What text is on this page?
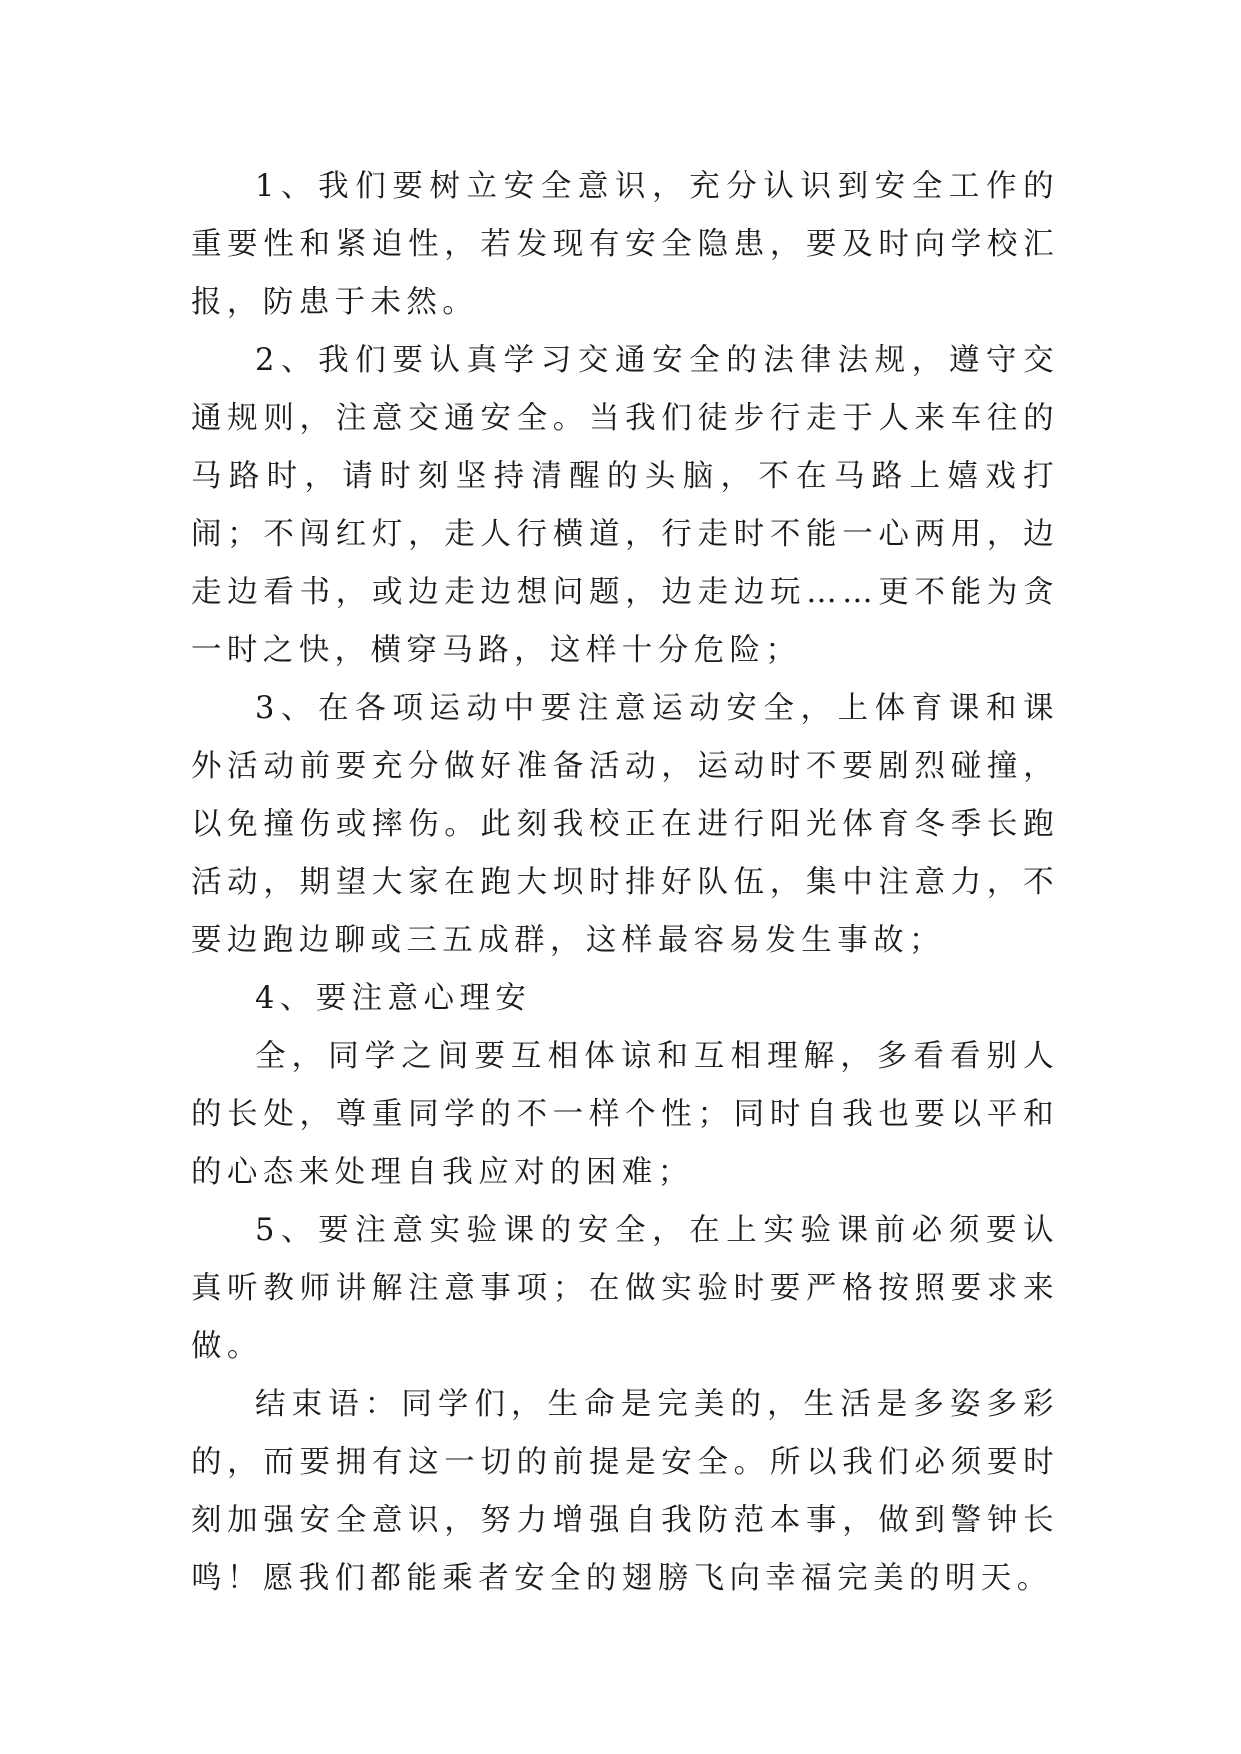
1、我们要树立安全意识，充分认识到安全工作的重要性和紧迫性，若发现有安全隐患，要及时向学校汇报，防患于未然。

2、我们要认真学习交通安全的法律法规，遵守交通规则，注意交通安全。当我们徒步行走于人来车往的马路时，请时刻坚持清醒的头脑，不在马路上嬉戏打闹；不闯红灯，走人行横道，行走时不能一心两用，边走边看书，或边走边想问题，边走边玩……更不能为贪一时之快，横穿马路，这样十分危险；

3、在各项运动中要注意运动安全，上体育课和课外活动前要充分做好准备活动，运动时不要剧烈碰撞，以免撞伤或摔伤。此刻我校正在进行阳光体育冬季长跑活动，期望大家在跑大坝时排好队伍，集中注意力，不要边跑边聊或三五成群，这样最容易发生事故；

4、要注意心理安

全，同学之间要互相体谅和互相理解，多看看别人的长处，尊重同学的不一样个性；同时自我也要以平和的心态来处理自我应对的困难；

5、要注意实验课的安全，在上实验课前必须要认真听教师讲解注意事项；在做实验时要严格按照要求来做。

结束语：同学们，生命是完美的，生活是多姿多彩的，而要拥有这一切的前提是安全。所以我们必须要时刻加强安全意识，努力增强自我防范本事，做到警钟长鸣！愿我们都能乘者安全的翅膀飞向幸福完美的明天。
